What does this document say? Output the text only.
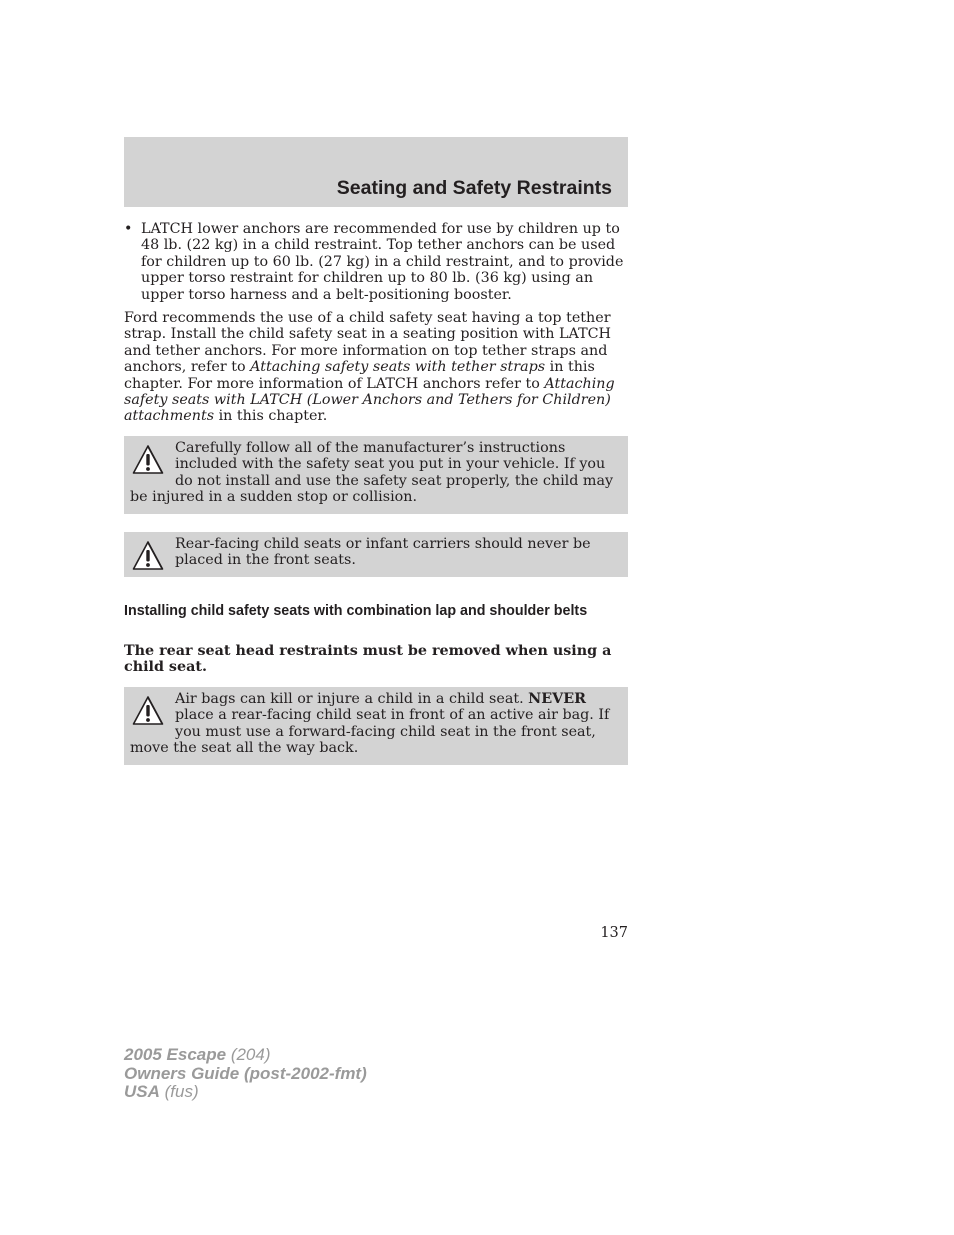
Seating and Safety Restraints
• LATCH lower anchors are recommended for use by children up to 48 lb. (22 kg) in a child restraint. Top tether anchors can be used for children up to 60 lb. (27 kg) in a child restraint, and to provide upper torso restraint for children up to 80 lb. (36 kg) using an upper torso harness and a belt-positioning booster.
Ford recommends the use of a child safety seat having a top tether strap. Install the child safety seat in a seating position with LATCH and tether anchors. For more information on top tether straps and anchors, refer to Attaching safety seats with tether straps in this chapter. For more information of LATCH anchors refer to Attaching safety seats with LATCH (Lower Anchors and Tethers for Children) attachments in this chapter.
Carefully follow all of the manufacturer’s instructions included with the safety seat you put in your vehicle. If you do not install and use the safety seat properly, the child may be injured in a sudden stop or collision.
Rear-facing child seats or infant carriers should never be placed in the front seats.
Installing child safety seats with combination lap and shoulder belts
The rear seat head restraints must be removed when using a child seat.
Air bags can kill or injure a child in a child seat. NEVER place a rear-facing child seat in front of an active air bag. If you must use a forward-facing child seat in the front seat, move the seat all the way back.
137
2005 Escape (204)
Owners Guide (post-2002-fmt)
USA (fus)
